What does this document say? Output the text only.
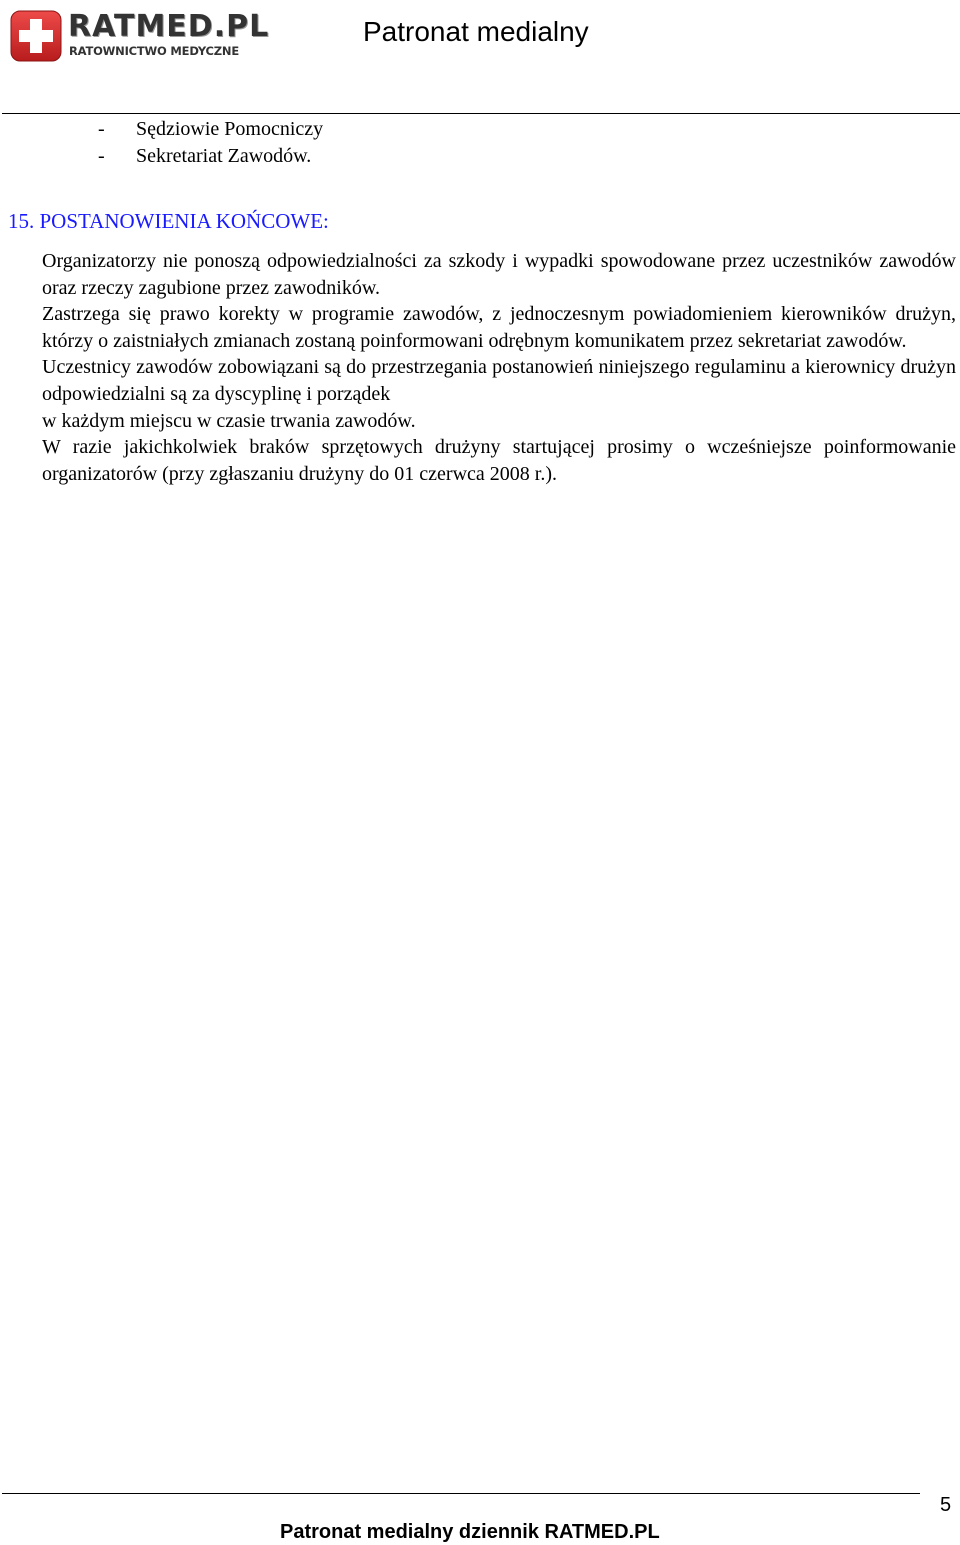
RATMED.PL
RATOWNICTWO MEDYCZNE
Patronat medialny
-	Sędziowie Pomocniczy
-	Sekretariat Zawodów.
15. POSTANOWIENIA KOŃCOWE:

Organizatorzy nie ponoszą odpowiedzialności za szkody i wypadki spowodowane przez uczestników zawodów oraz rzeczy zagubione przez zawodników.

Zastrzega się prawo korekty w programie zawodów, z jednoczesnym powiadomieniem kierowników drużyn, którzy o zaistniałych zmianach zostaną poinformowani odrębnym komunikatem przez sekretariat zawodów.

Uczestnicy zawodów zobowiązani są do przestrzegania postanowień niniejszego regulaminu a kierownicy drużyn odpowiedzialni są za dyscyplinę i porządek
w każdym miejscu w czasie trwania zawodów.

W razie jakichkolwiek braków sprzętowych drużyny startującej prosimy o wcześniejsze poinformowanie organizatorów (przy zgłaszaniu drużyny do 01 czerwca 2008 r.).

5
Patronat medialny dziennik RATMED.PL
